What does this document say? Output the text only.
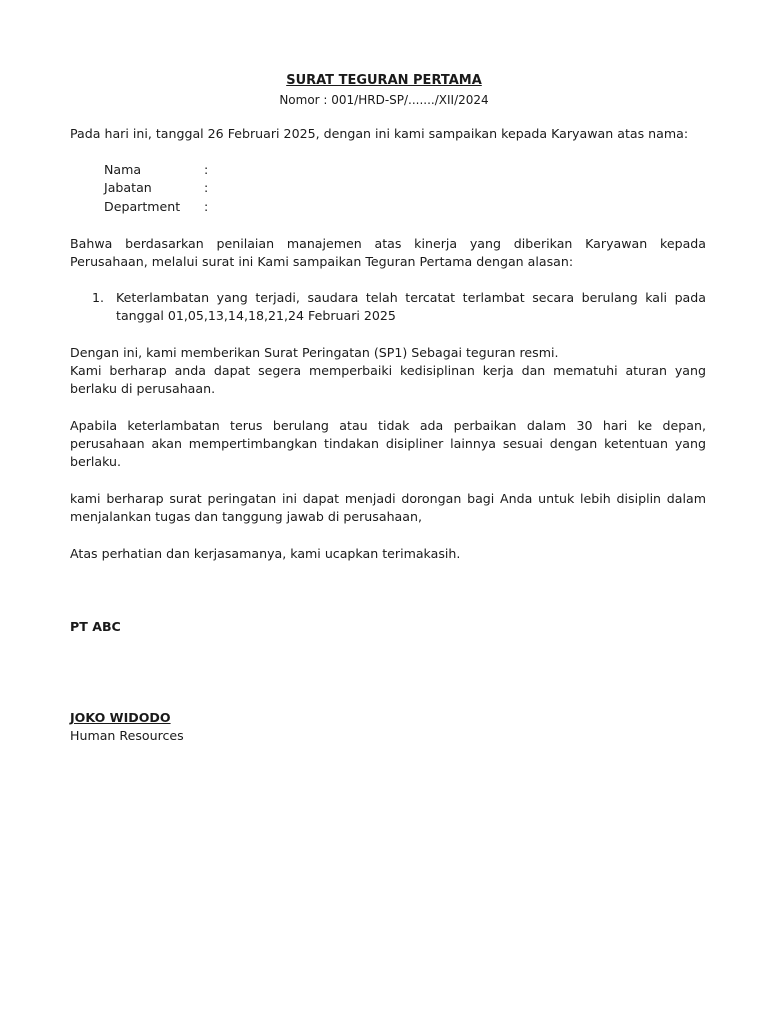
SURAT TEGURAN PERTAMA
Nomor : 001/HRD-SP/......./XII/2024

Pada hari ini, tanggal 26 Februari 2025, dengan ini kami sampaikan kepada Karyawan atas nama:

Nama	:
Jabatan	:
Department :

Bahwa berdasarkan penilaian manajemen atas kinerja yang diberikan Karyawan kepada Perusahaan, melalui surat ini Kami sampaikan Teguran Pertama dengan alasan:

1. Keterlambatan yang terjadi, saudara telah tercatat terlambat secara berulang kali pada tanggal 01,05,13,14,18,21,24 Februari 2025

Dengan ini, kami memberikan Surat Peringatan (SP1) Sebagai teguran resmi.

Kami berharap anda dapat segera memperbaiki kedisiplinan kerja dan mematuhi aturan yang berlaku di perusahaan.

Apabila keterlambatan terus berulang atau tidak ada perbaikan dalam 30 hari ke depan, perusahaan akan mempertimbangkan tindakan disipliner lainnya sesuai dengan ketentuan yang berlaku.

kami berharap surat peringatan ini dapat menjadi dorongan bagi Anda untuk lebih disiplin dalam menjalankan tugas dan tanggung jawab di perusahaan,

Atas perhatian dan kerjasamanya, kami ucapkan terimakasih.

PT ABC
JOKO WIDODO
Human Resources
